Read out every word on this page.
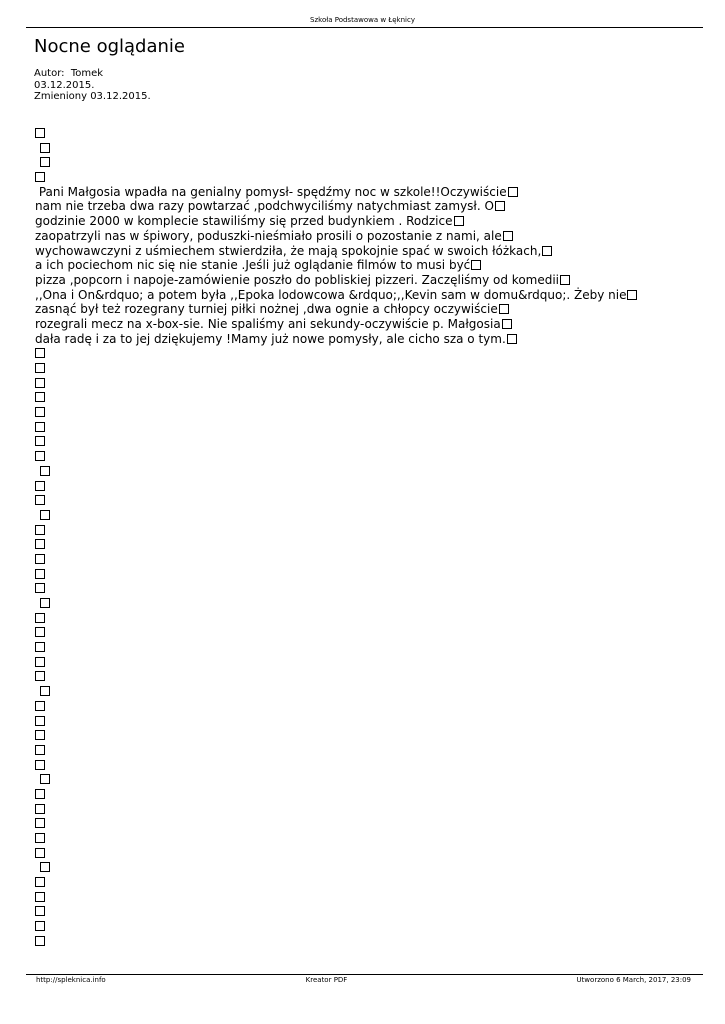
Szkoła Podstawowa w Łęknicy
Nocne oglądanie
Autor:  Tomek
03.12.2015.
Zmieniony 03.12.2015.
Pani Małgosia wpadła na genialny pomysł- spędźmy noc w szkole!!Oczywiście
nam nie trzeba dwa razy powtarzać ,podchwyciliśmy natychmiast zamysł. O
godzinie 2000 w komplecie stawiliśmy się przed budynkiem . Rodzice
zaopatrzyli nas w śpiwory, poduszki-nieśmiało prosili o pozostanie z nami, ale
wychowawczyni z uśmiechem stwierdziła, że mają spokojnie spać w swoich łóżkach,
a ich pociechom nic się nie stanie .Jeśli już oglądanie filmów to musi być
pizza ,popcorn i napoje-zamówienie poszło do pobliskiej pizzeri. Zaczęliśmy od komedii
,,Ona i On&rdquo; a potem była ,,Epoka lodowcowa &rdquo;,,Kevin sam w domu&rdquo;. Żeby nie
zasnąć był też rozegrany turniej piłki nożnej ,dwa ognie a chłopcy oczywiście
rozegrali mecz na x-box-sie. Nie spaliśmy ani sekundy-oczywiście p. Małgosia
dała radę i za to jej dziękujemy !Mamy już nowe pomysły, ale cicho sza o tym.
http://spleknica.info	Kreator PDF	Utworzono 6 March, 2017, 23:09
